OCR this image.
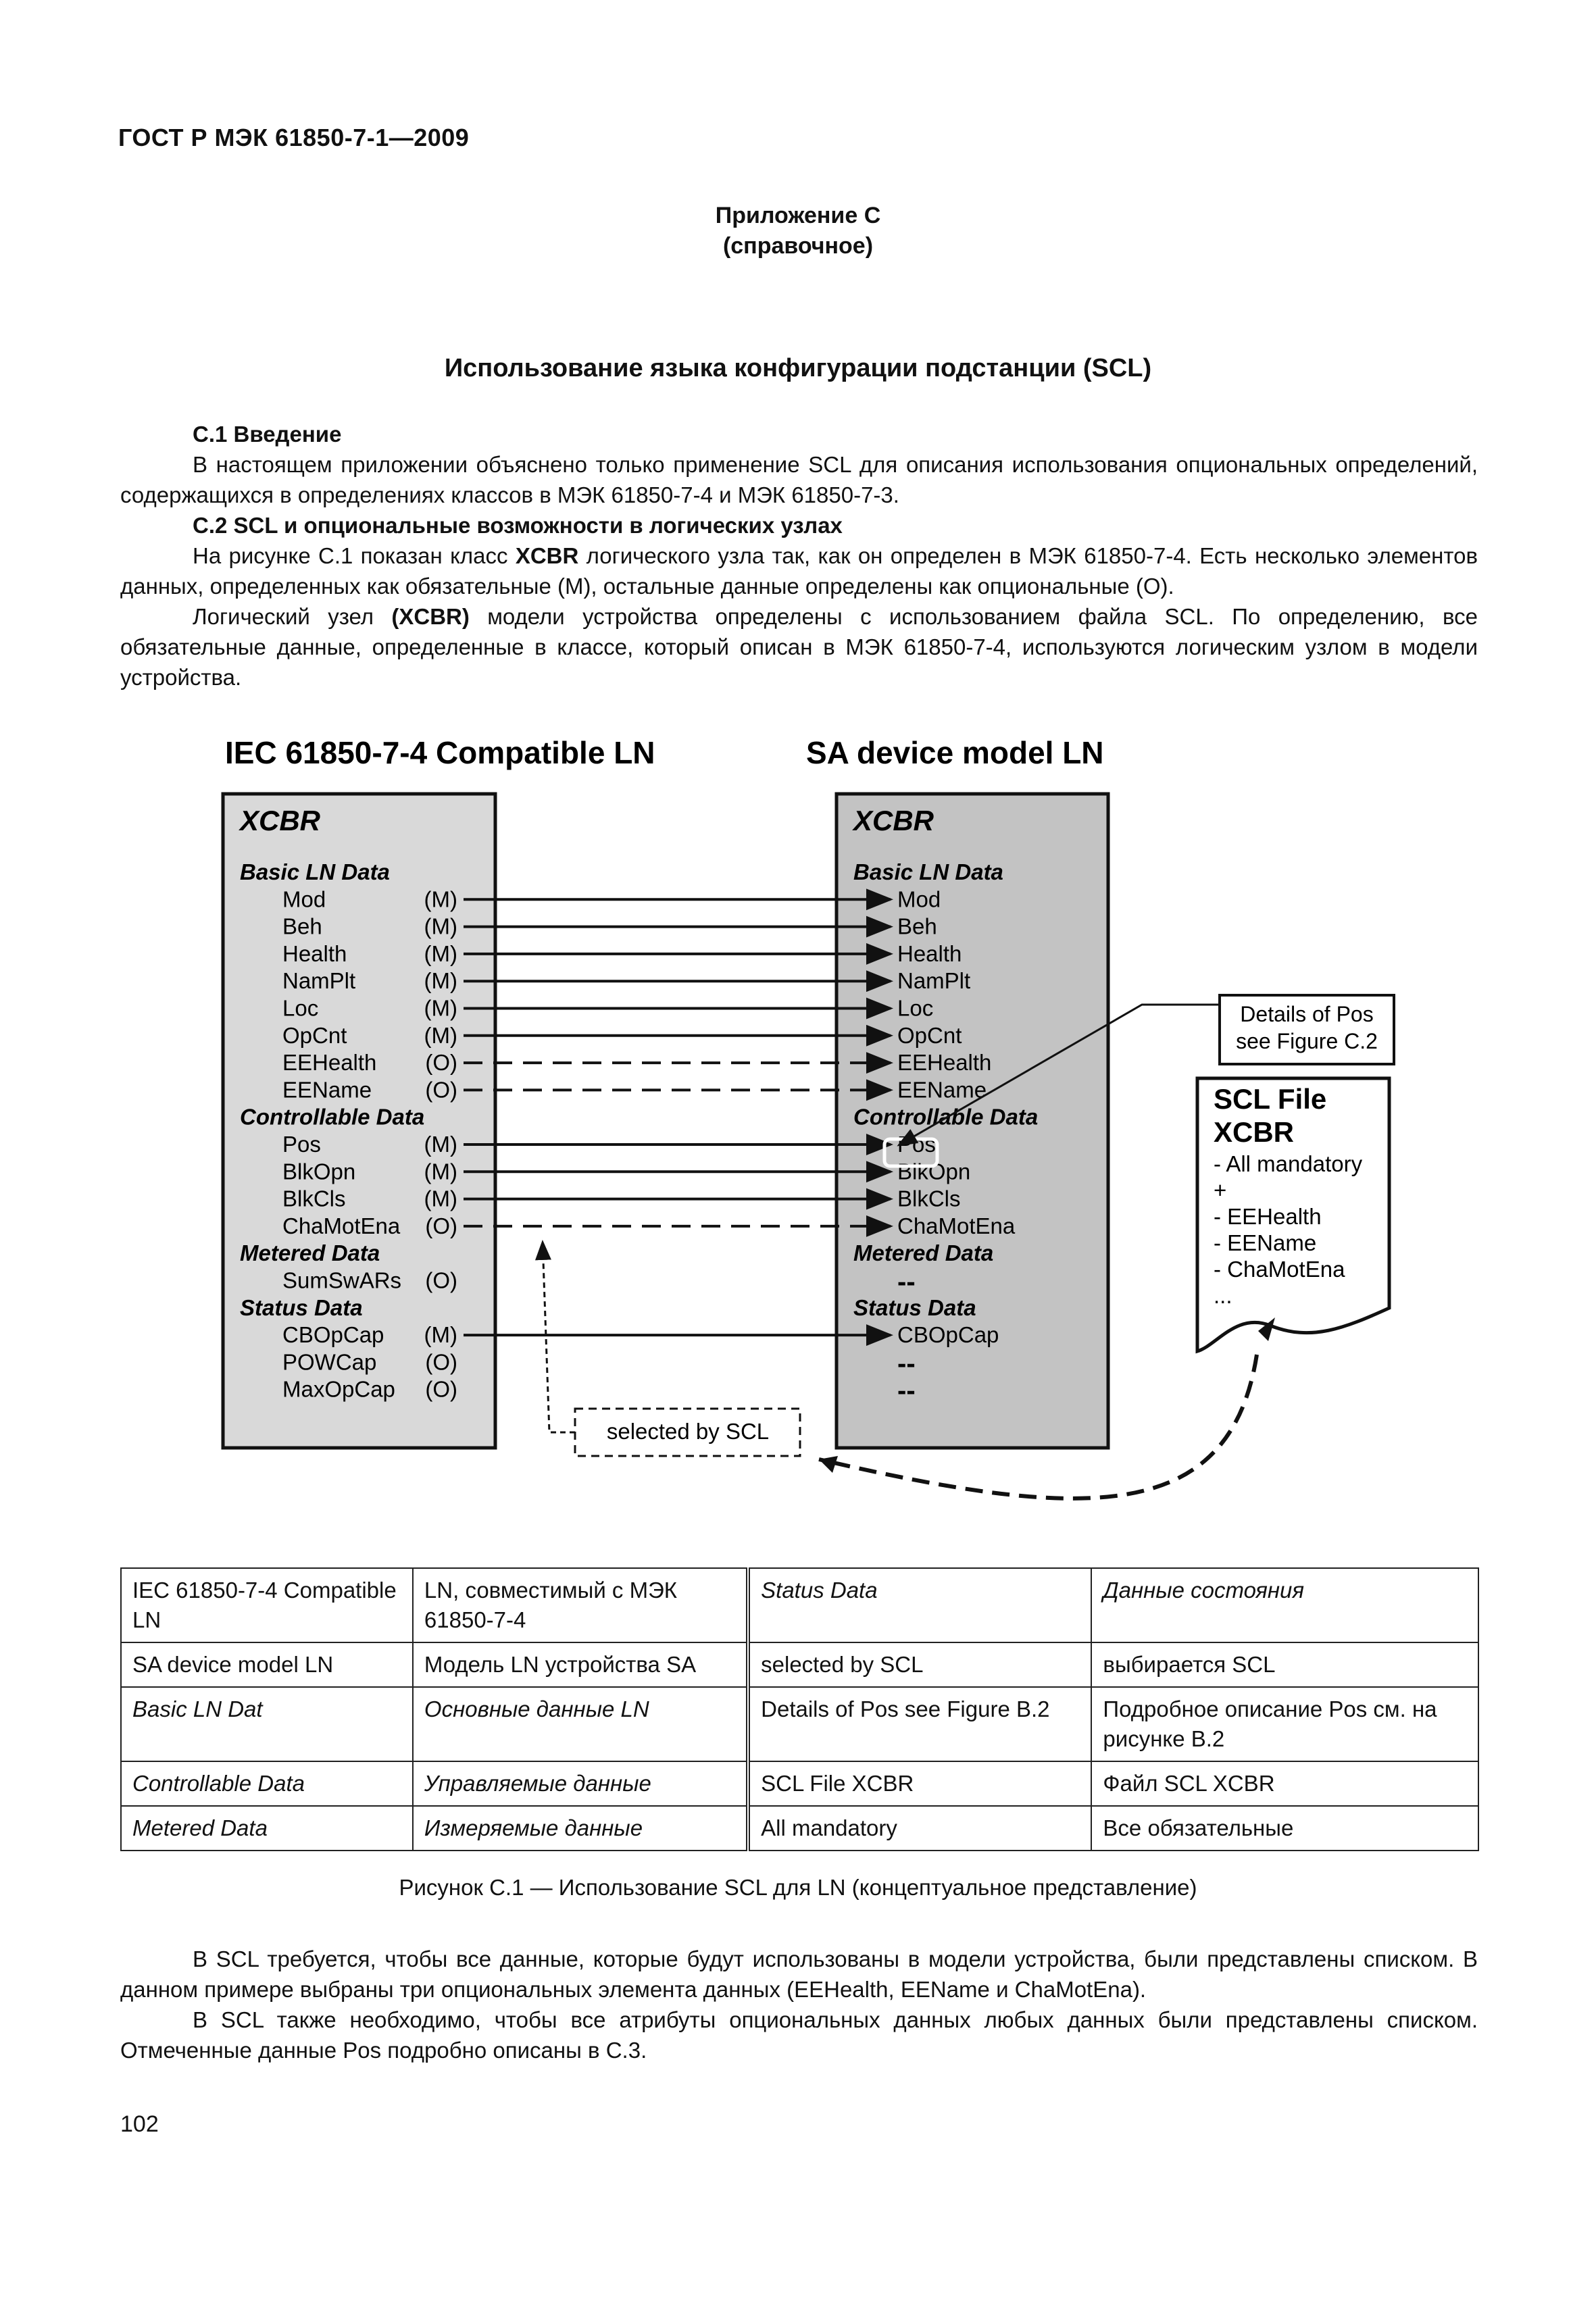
ГОСТ Р МЭК 61850-7-1—2009
Приложение С
(справочное)
Использование языка конфигурации подстанции (SCL)

С.1 Введение

В настоящем приложении объяснено только применение SCL для описания использования опциональных определений, содержащихся в определениях классов в МЭК 61850-7-4 и МЭК 61850-7-3.

С.2 SCL и опциональные возможности в логических узлах

На рисунке С.1 показан класс XCBR логического узла так, как он определен в МЭК 61850-7-4. Есть несколько элементов данных, определенных как обязательные (М), остальные данные определены как опциональные (О).

Логический узел (XCBR) модели устройства определены с использованием файла SCL. По определению, все обязательные данные, определенные в классе, который описан в МЭК 61850-7-4, используются логическим узлом в модели устройства.

IEC 61850-7-4 Compatible LN	SA device model LN
XCBR	XCBR
Basic LN Data
Mod	(M)
Beh	(M)
Health	(M)
NamPlt	(M)
Loc	(M)
OpCnt	(M)
EEHealth (O)
EEName (O)
Controllable Data
Pos	(M)
BlkOpn	(M)
BlkCls	(M)
ChaMotEna (O)
Metered Data
SumSwARs (O)
Status Data
CBOpCap (M)
POWCap (O)
MaxOpCap (O)
Basic LN Data
Mod
Beh
Health
NamPlt
Loc
OpCnt
EEHealth
EEName
Controllable Data
Pos
BlkOpn
BlkCls
ChaMotEna
Metered Data
--
Status Data
CBOpCap
--
--
Details of Pos
see Figure C.2
SCL File
XCBR
- All mandatory
+
- EEHealth
- EEName
- ChaMotEna
...
selected by SCL
IEC 61850-7-4 Compatible LN	LN, совместимый с МЭК 61850-7-4	Status Data	Данные состояния
SA device model LN	Модель LN устройства SA	selected by SCL	выбирается SCL
Basic LN Dat	Основные данные LN	Details of Pos see Figure B.2	Подробное описание Pos см. на рисунке В.2
Controllable Data	Управляемые данные	SCL File XCBR	Файл SCL XCBR
Metered Data	Измеряемые данные	All mandatory	Все обязательные
Рисунок С.1 — Использование SCL для LN (концептуальное представление)

В SCL требуется, чтобы все данные, которые будут использованы в модели устройства, были представлены списком. В данном примере выбраны три опциональных элемента данных (EEHealth, EEName и ChaMotEna).

В SCL также необходимо, чтобы все атрибуты опциональных данных любых данных были представлены списком. Отмеченные данные Pos подробно описаны в С.3.

102
